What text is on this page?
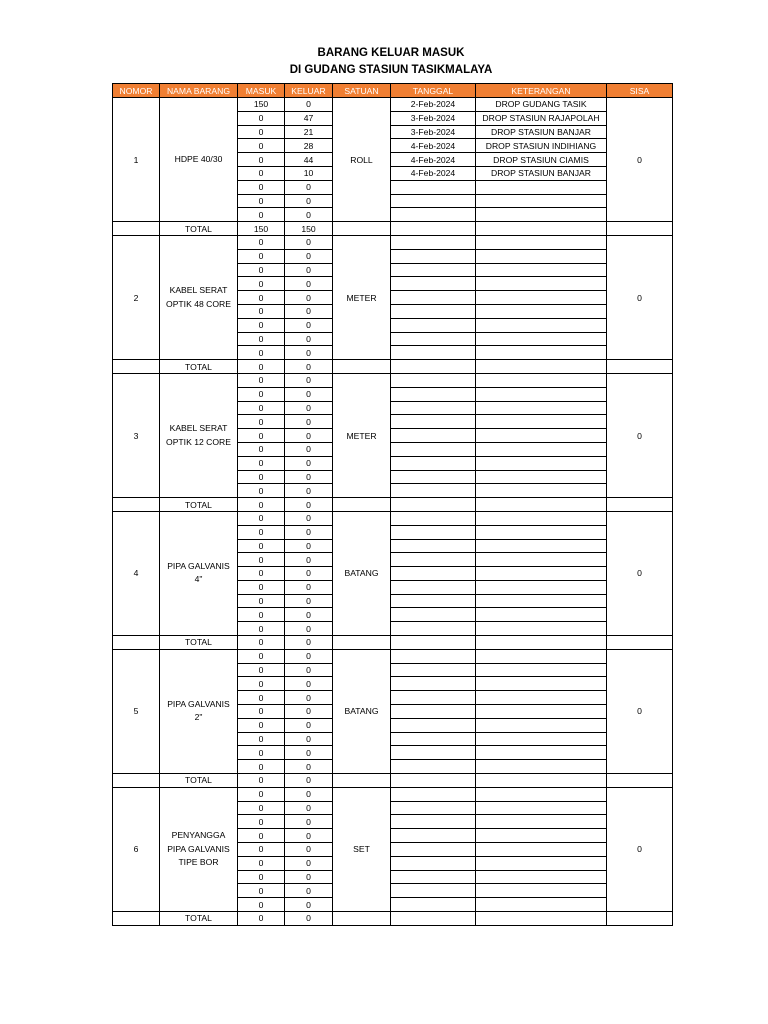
BARANG KELUAR MASUK
DI GUDANG STASIUN TASIKMALAYA
NOMOR	NAMA BARANG	MASUK	KELUAR	SATUAN	TANGGAL	KETERANGAN	SISA
1	HDPE 40/30	150	0	ROLL	2-Feb-2024	DROP GUDANG TASIK	0
		0	47		3-Feb-2024	DROP STASIUN RAJAPOLAH	
		0	21		3-Feb-2024	DROP STASIUN BANJAR	
		0	28		4-Feb-2024	DROP STASIUN INDIHIANG	
		0	44		4-Feb-2024	DROP STASIUN CIAMIS	
		0	10		4-Feb-2024	DROP STASIUN BANJAR	
		0	0				
		0	0				
		0	0				
	TOTAL	150	150				
2	KABEL SERAT
OPTIK 48 CORE	0	0	METER			0
		0	0				
		0	0				
		0	0				
		0	0				
		0	0				
		0	0				
		0	0				
		0	0				
	TOTAL	0	0				
3	KABEL SERAT
OPTIK 12 CORE	0	0	METER			0
		0	0				
		0	0				
		0	0				
		0	0				
		0	0				
		0	0				
		0	0				
		0	0				
	TOTAL	0	0				
4	PIPA GALVANIS
4"	0	0	BATANG			0
		0	0				
		0	0				
		0	0				
		0	0				
		0	0				
		0	0				
		0	0				
		0	0				
	TOTAL	0	0				
5	PIPA GALVANIS
2"	0	0	BATANG			0
		0	0				
		0	0				
		0	0				
		0	0				
		0	0				
		0	0				
		0	0				
		0	0				
	TOTAL	0	0				
6	PENYANGGA
PIPA GALVANIS
TIPE BOR	0	0	SET			0
		0	0				
		0	0				
		0	0				
		0	0				
		0	0				
		0	0				
		0	0				
		0	0				
	TOTAL	0	0				
